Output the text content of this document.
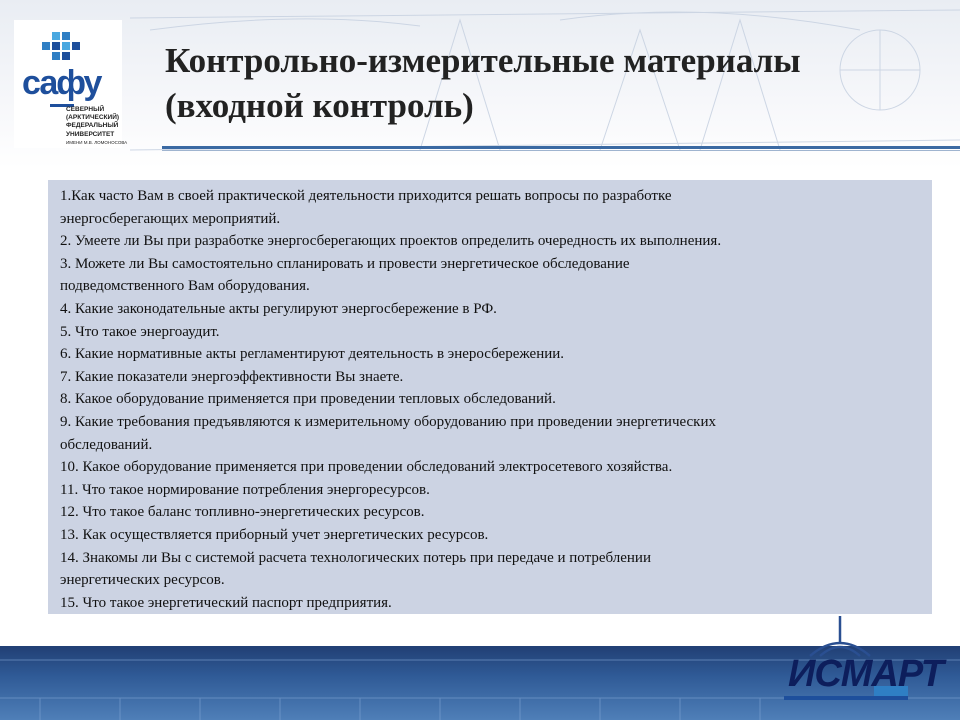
сафу
СЕВЕРНЫЙ
(АРКТИЧЕСКИЙ)
ФЕДЕРАЛЬНЫЙ
УНИВЕРСИТЕТ
ИМЕНИ М.В. ЛОМОНОСОВА
Контрольно-измерительные материалы
(входной контроль)
1.Как часто Вам в своей практической деятельности приходится решать вопросы по разработке
энергосберегающих мероприятий.
2. Умеете ли Вы при разработке энергосберегающих проектов определить очередность их выполнения.
3. Можете ли Вы самостоятельно спланировать и провести энергетическое обследование
подведомственного Вам оборудования.
4. Какие законодательные акты регулируют энергосбережение в РФ.
5. Что такое энергоаудит.
6. Какие нормативные акты регламентируют деятельность в энеросбережении.
7. Какие показатели энергоэффективности Вы знаете.
8. Какое оборудование применяется при проведении тепловых обследований.
9. Какие требования предъявляются к измерительному оборудованию при проведении энергетических
обследований.
10. Какое оборудование применяется при проведении обследований электросетевого хозяйства.
11. Что такое нормирование потребления энергоресурсов.
12. Что такое баланс топливно-энергетических ресурсов.
13. Как осуществляется приборный учет энергетических ресурсов.
14. Знакомы ли Вы с системой расчета технологических потерь при передаче и потреблении
энергетических ресурсов.
15. Что такое энергетический паспорт предприятия.
ИСМАРТ
